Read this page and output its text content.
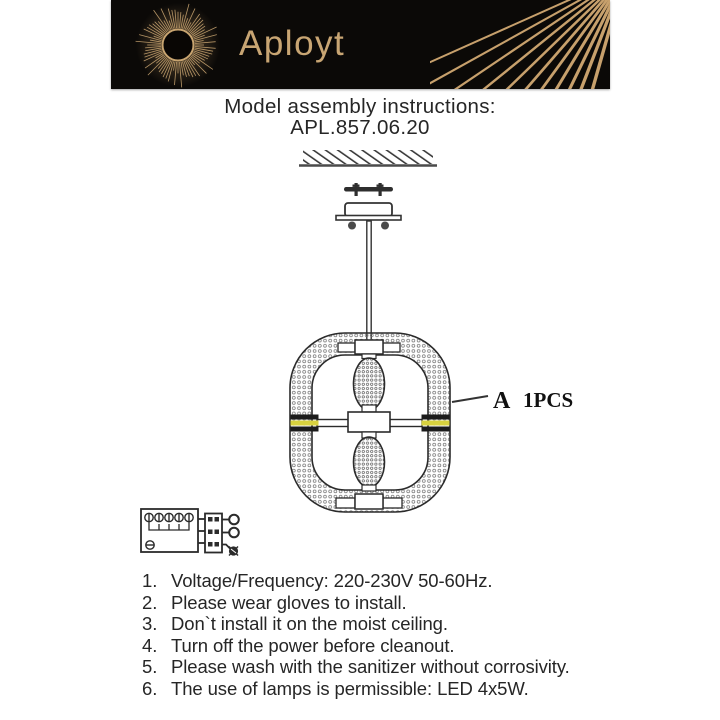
Aployt
Model assembly instructions:
APL.857.06.20
A 1PCS
1. Voltage/Frequency: 220-230V 50-60Hz.
2. Please wear gloves to install.
3. Don`t install it on the moist ceiling.
4. Turn off the power before cleanout.
5. Please wash with the sanitizer without corrosivity.
6. The use of lamps is permissible: LED 4x5W.
